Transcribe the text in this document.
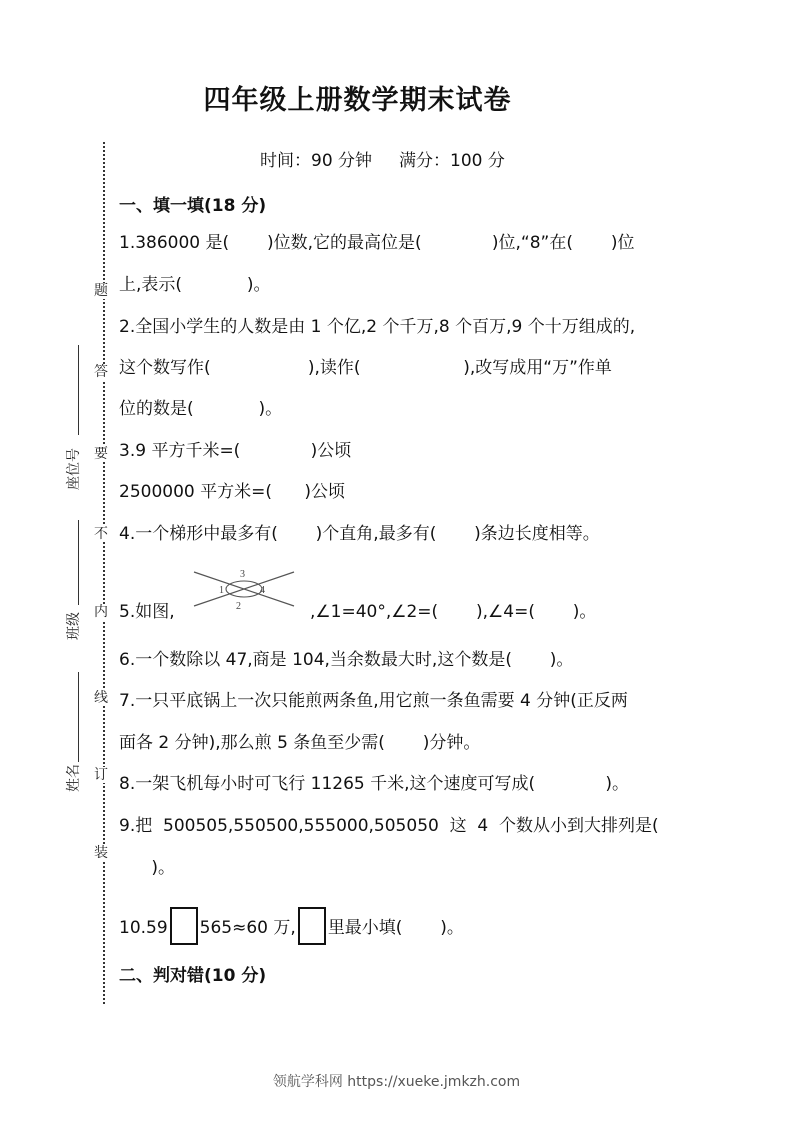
四年级上册数学期末试卷
时间：90 分钟     满分：100 分
题
答
要
不
内
线
订
装
座位号
班级
姓名
一、填一填(18 分)
1.386000 是(       )位数,它的最高位是(             )位,“8”在(       )位
上,表示(            )。
2.全国小学生的人数是由 1 个亿,2 个千万,8 个百万,9 个十万组成的,
这个数写作(                  ),读作(                   ),改写成用“万”作单
位的数是(            )。
3.9 平方千米=(             )公顷
2500000 平方米=(      )公顷
4.一个梯形中最多有(       )个直角,最多有(       )条边长度相等。
5.如图,
3
1	4
2	,∠1=40°,∠2=(       ),∠4=(       )。
6.一个数除以 47,商是 104,当余数最大时,这个数是(       )。
7.一只平底锅上一次只能煎两条鱼,用它煎一条鱼需要 4 分钟(正反两
面各 2 分钟),那么煎 5 条鱼至少需(       )分钟。
8.一架飞机每小时可飞行 11265 千米,这个速度可写成(             )。
9.把  500505,550500,555000,505050  这  4  个数从小到大排列是(
)。
10.59 565≈60 万, 里最小填(       )。
二、判对错(10 分)
领航学科网 https://xueke.jmkzh.com
